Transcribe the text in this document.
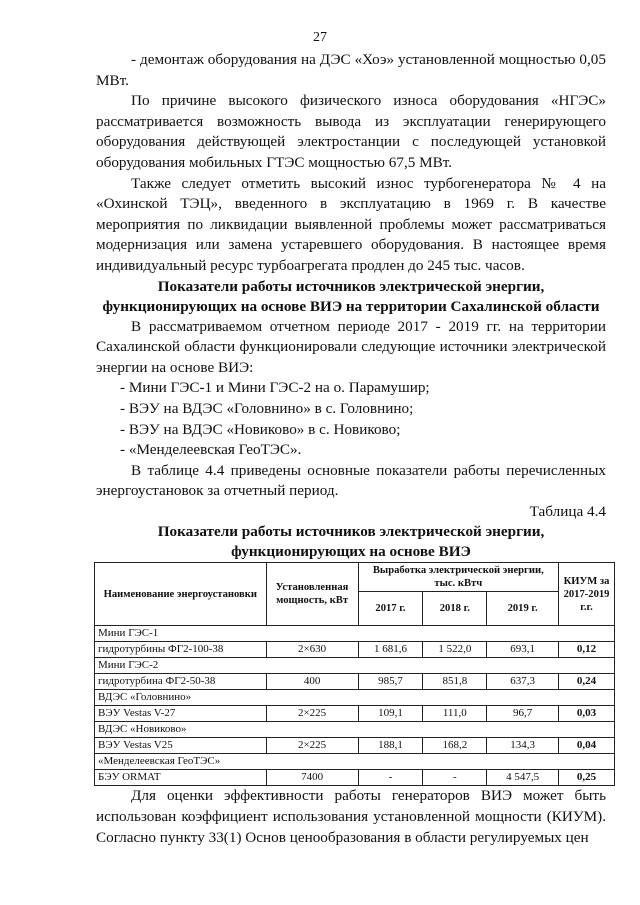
27

- демонтаж оборудования на ДЭС «Хоэ» установленной мощностью 0,05 МВт.

По причине высокого физического износа оборудования «НГЭС» рассматривается возможность вывода из эксплуатации генерирующего оборудования действующей электростанции с последующей установкой оборудования мобильных ГТЭС мощностью 67,5 МВт.

Также следует отметить высокий износ турбогенератора № 4 на «Охинской ТЭЦ», введенного в эксплуатацию в 1969 г. В качестве мероприятия по ликвидации выявленной проблемы может рассматриваться модернизация или замена устаревшего оборудования. В настоящее время индивидуальный ресурс турбоагрегата продлен до 245 тыс. часов.

Показатели работы источников электрической энергии, функционирующих на основе ВИЭ на территории Сахалинской области

В рассматриваемом отчетном периоде 2017 - 2019 гг. на территории Сахалинской области функционировали следующие источники электрической энергии на основе ВИЭ:

- Мини ГЭС-1 и Мини ГЭС-2 на о. Парамушир;

- ВЭУ на ВДЭС «Головнино» в с. Головнино;

- ВЭУ на ВДЭС «Новиково» в с. Новиково;

- «Менделеевская ГеоТЭС».

В таблице 4.4 приведены основные показатели работы перечисленных энергоустановок за отчетный период.

Таблица 4.4

Показатели работы источников электрической энергии, функционирующих на основе ВИЭ

Наименование энергоустановки	Установленная мощность, кВт	Выработка электрической энергии, тыс. кВтч			КИУМ за 2017-2019 г.г.
		2017 г.	2018 г.	2019 г.	
Мини ГЭС-1					
гидротурбины ФГ2-100-38	2×630	1 681,6	1 522,0	693,1	0,12
Мини ГЭС-2					
гидротурбина ФГ2-50-38	400	985,7	851,8	637,3	0,24
ВДЭС «Головнино»					
ВЭУ Vestas V-27	2×225	109,1	111,0	96,7	0,03
ВДЭС «Новиково»					
ВЭУ Vestas V25	2×225	188,1	168,2	134,3	0,04
«Менделеевская ГеоТЭС»					
БЭУ ORMAT	7400	-	-	4 547,5	0,25

Для оценки эффективности работы генераторов ВИЭ может быть использован коэффициент использования установленной мощности (КИУМ). Согласно пункту 33(1) Основ ценообразования в области регулируемых цен
